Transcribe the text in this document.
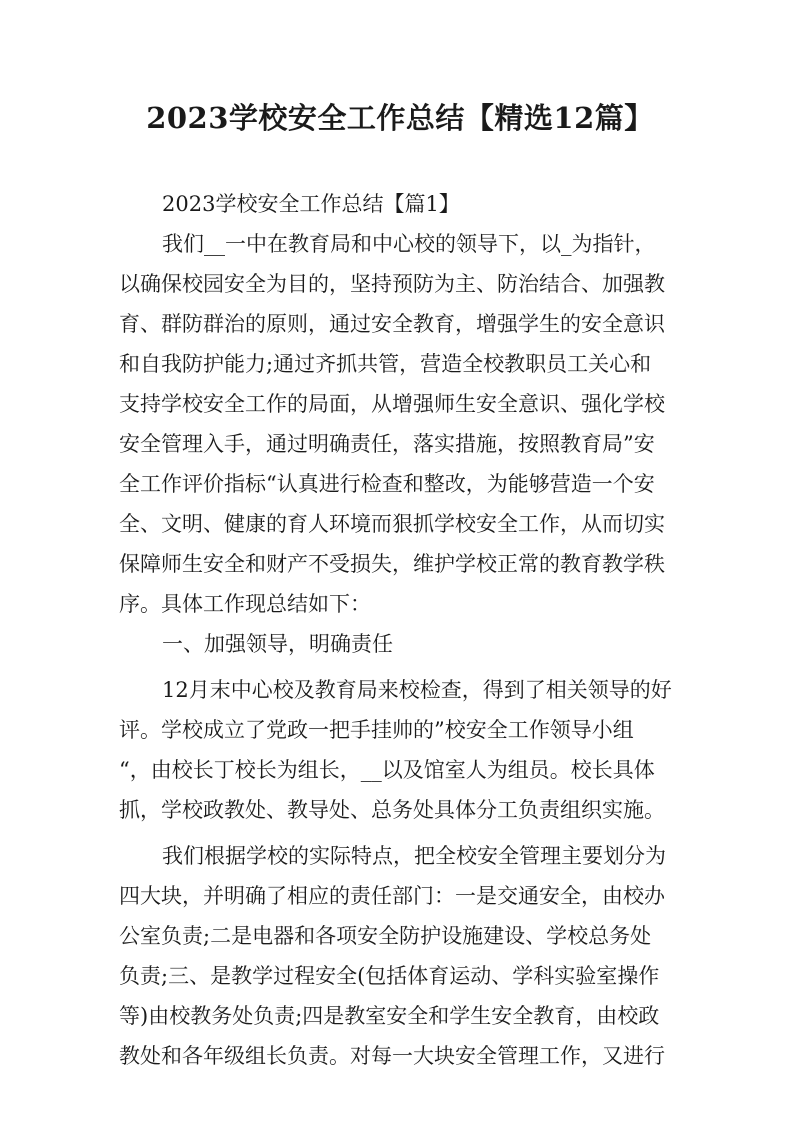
2023学校安全工作总结【精选12篇】
2023学校安全工作总结【篇1】
我们__一中在教育局和中心校的领导下，以_为指针，
以确保校园安全为目的，坚持预防为主、防治结合、加强教
育、群防群治的原则，通过安全教育，增强学生的安全意识
和自我防护能力;通过齐抓共管，营造全校教职员工关心和
支持学校安全工作的局面，从增强师生安全意识、强化学校
安全管理入手，通过明确责任，落实措施，按照教育局”安
全工作评价指标“认真进行检查和整改，为能够营造一个安
全、文明、健康的育人环境而狠抓学校安全工作，从而切实
保障师生安全和财产不受损失，维护学校正常的教育教学秩
序。具体工作现总结如下：
一、加强领导，明确责任
12月末中心校及教育局来校检查，得到了相关领导的好
评。学校成立了党政一把手挂帅的”校安全工作领导小组
“，由校长丁校长为组长，__以及馆室人为组员。校长具体
抓，学校政教处、教导处、总务处具体分工负责组织实施。
我们根据学校的实际特点，把全校安全管理主要划分为
四大块，并明确了相应的责任部门：一是交通安全，由校办
公室负责;二是电器和各项安全防护设施建设、学校总务处
负责;三、是教学过程安全(包括体育运动、学科实验室操作
等)由校教务处负责;四是教室安全和学生安全教育，由校政
教处和各年级组长负责。对每一大块安全管理工作，又进行
